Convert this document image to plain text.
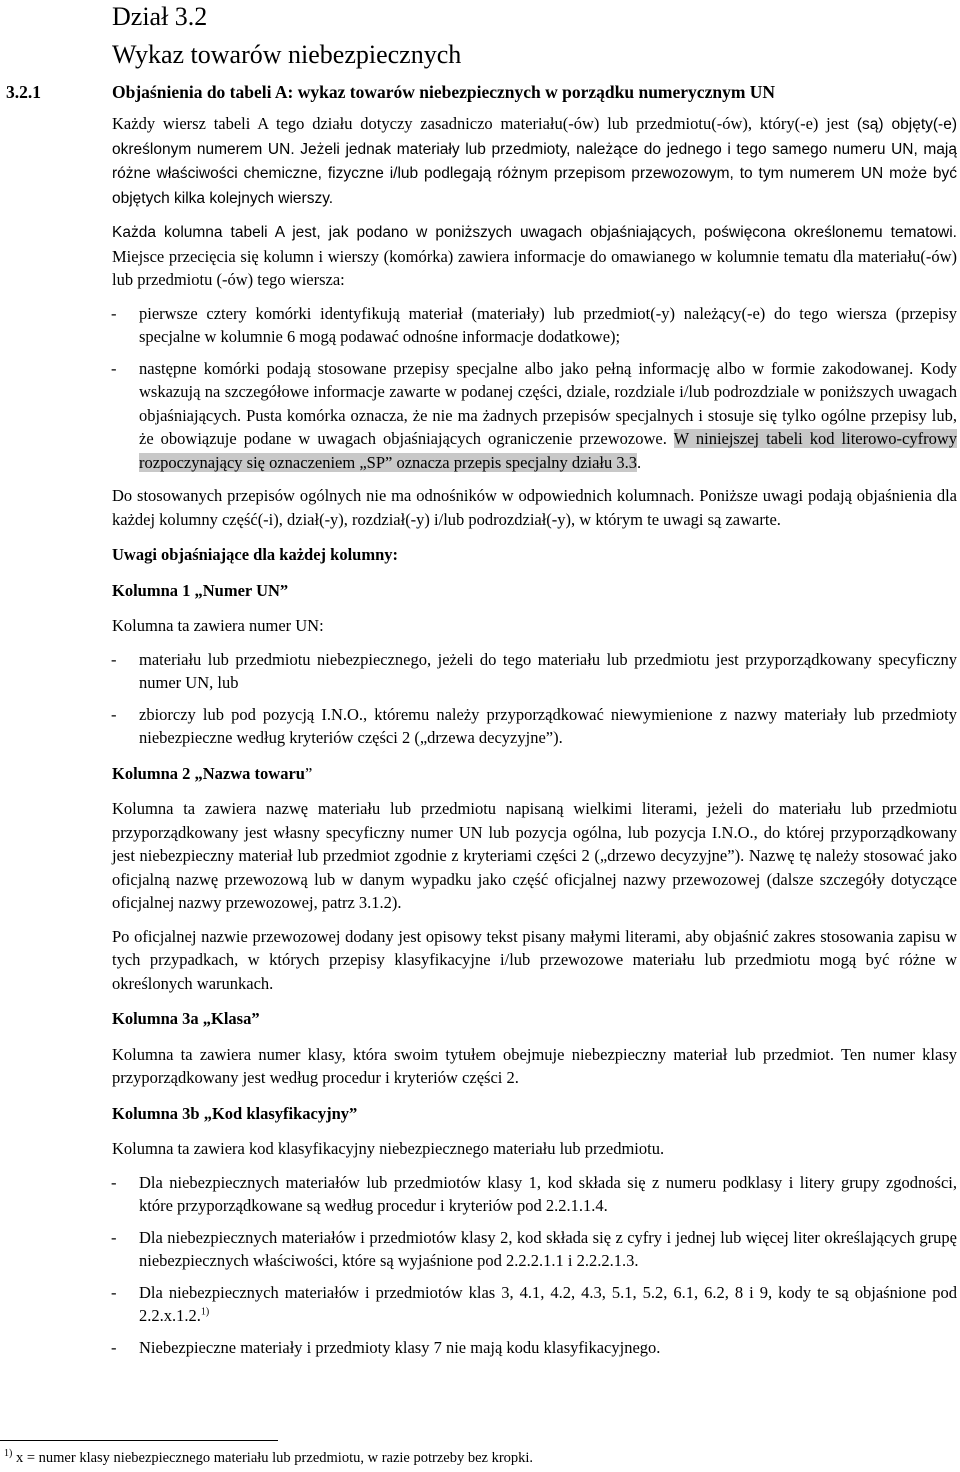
Dział 3.2
Wykaz towarów niebezpiecznych
3.2.1	Objaśnienia do tabeli A: wykaz towarów niebezpiecznych w porządku numerycznym UN

Każdy wiersz tabeli A tego działu dotyczy zasadniczo materiału(-ów) lub przedmiotu(-ów), który(-e) jest (są) objęty(-e) określonym numerem UN. Jeżeli jednak materiały lub przedmioty, należące do jednego i tego samego numeru UN, mają różne właściwości chemiczne, fizyczne i/lub podlegają różnym przepisom przewozowym, to tym numerem UN może być objętych kilka kolejnych wierszy.

Każda kolumna tabeli A jest, jak podano w poniższych uwagach objaśniających, poświęcona określonemu tematowi. Miejsce przecięcia się kolumn i wierszy (komórka) zawiera informacje do omawianego w kolumnie tematu dla materiału(-ów) lub przedmiotu (-ów) tego wiersza:

- pierwsze cztery komórki identyfikują materiał (materiały) lub przedmiot(-y) należący(-e) do tego wiersza (przepisy specjalne w kolumnie 6 mogą podawać odnośne informacje dodatkowe);
- następne komórki podają stosowane przepisy specjalne albo jako pełną informację albo w formie zakodowanej. Kody wskazują na szczegółowe informacje zawarte w podanej części, dziale, rozdziale i/lub podrozdziale w poniższych uwagach objaśniających. Pusta komórka oznacza, że nie ma żadnych przepisów specjalnych i stosuje się tylko ogólne przepisy lub, że obowiązuje podane w uwagach objaśniających ograniczenie przewozowe. W niniejszej tabeli kod literowo-cyfrowy rozpoczynający się oznaczeniem „SP” oznacza przepis specjalny działu 3.3.

Do stosowanych przepisów ogólnych nie ma odnośników w odpowiednich kolumnach. Poniższe uwagi podają objaśnienia dla każdej kolumny część(-i), dział(-y), rozdział(-y) i/lub podrozdział(-y), w którym te uwagi są zawarte.

Uwagi objaśniające dla każdej kolumny:
Kolumna 1 „Numer UN”

Kolumna ta zawiera numer UN:

- materiału lub przedmiotu niebezpiecznego, jeżeli do tego materiału lub przedmiotu jest przyporządkowany specyficzny numer UN, lub
- zbiorczy lub pod pozycją I.N.O., któremu należy przyporządkować niewymienione z nazwy materiały lub przedmioty niebezpieczne według kryteriów części 2 („drzewa decyzyjne”).
Kolumna 2 „Nazwa towaru”

Kolumna ta zawiera nazwę materiału lub przedmiotu napisaną wielkimi literami, jeżeli do materiału lub przedmiotu przyporządkowany jest własny specyficzny numer UN lub pozycja ogólna, lub pozycja I.N.O., do której przyporządkowany jest niebezpieczny materiał lub przedmiot zgodnie z kryteriami części 2 („drzewo decyzyjne”). Nazwę tę należy stosować jako oficjalną nazwę przewozową lub w danym wypadku jako część oficjalnej nazwy przewozowej (dalsze szczegóły dotyczące oficjalnej nazwy przewozowej, patrz 3.1.2).

Po oficjalnej nazwie przewozowej dodany jest opisowy tekst pisany małymi literami, aby objaśnić zakres stosowania zapisu w tych przypadkach, w których przepisy klasyfikacyjne i/lub przewozowe materiału lub przedmiotu mogą być różne w określonych warunkach.

Kolumna 3a „Klasa”

Kolumna ta zawiera numer klasy, która swoim tytułem obejmuje niebezpieczny materiał lub przedmiot. Ten numer klasy przyporządkowany jest według procedur i kryteriów części 2.

Kolumna 3b „Kod klasyfikacyjny”

Kolumna ta zawiera kod klasyfikacyjny niebezpiecznego materiału lub przedmiotu.

- Dla niebezpiecznych materiałów lub przedmiotów klasy 1, kod składa się z numeru podklasy i litery grupy zgodności, które przyporządkowane są według procedur i kryteriów pod 2.2.1.1.4.
- Dla niebezpiecznych materiałów i przedmiotów klasy 2, kod składa się z cyfry i jednej lub więcej liter określających grupę niebezpiecznych właściwości, które są wyjaśnione pod 2.2.2.1.1 i 2.2.2.1.3.
- Dla niebezpiecznych materiałów i przedmiotów klas 3, 4.1, 4.2, 4.3, 5.1, 5.2, 6.1, 6.2, 8 i 9, kody te są objaśnione pod 2.2.x.1.2.$^{1)}$
- Niebezpieczne materiały i przedmioty klasy 7 nie mają kodu klasyfikacyjnego.
$^{1)}$ x = numer klasy niebezpiecznego materiału lub przedmiotu, w razie potrzeby bez kropki.
